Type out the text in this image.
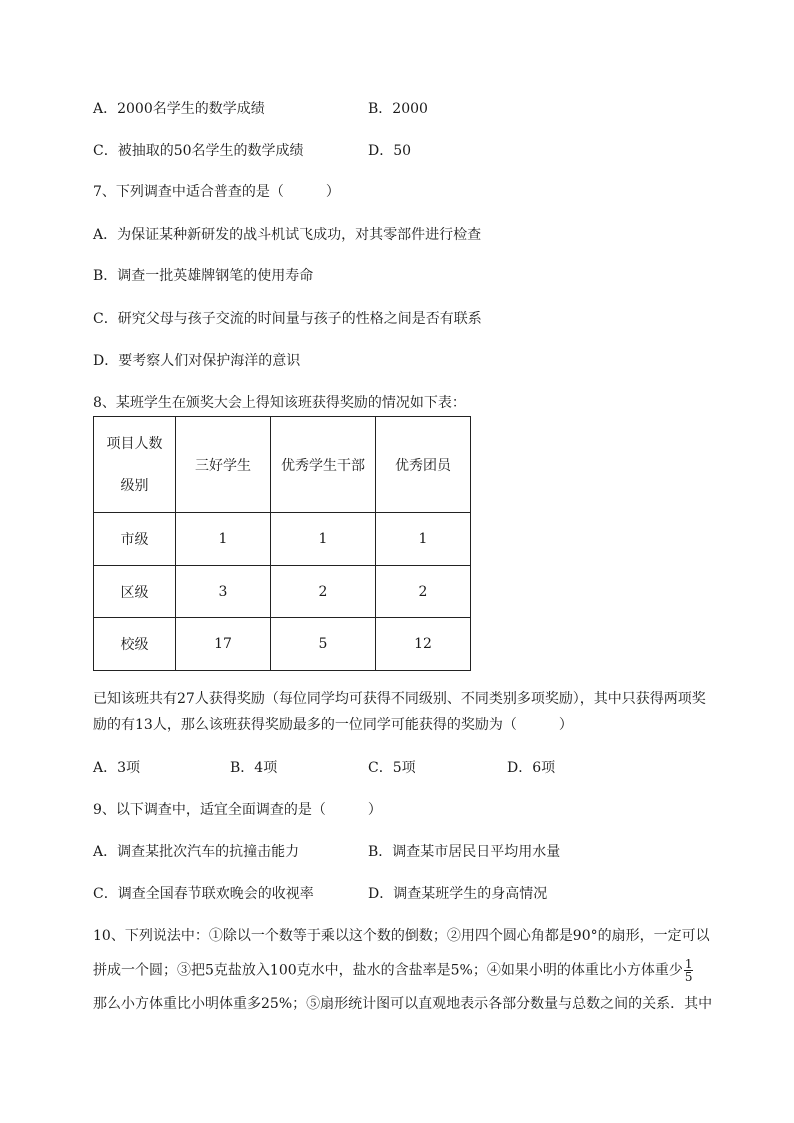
A．2000名学生的数学成绩	B．2000
C．被抽取的50名学生的数学成绩	D．50
7、下列调查中适合普查的是（　　　）
A．为保证某种新研发的战斗机试飞成功，对其零部件进行检查
B．调查一批英雄牌钢笔的使用寿命
C．研究父母与孩子交流的时间量与孩子的性格之间是否有联系
D．要考察人们对保护海洋的意识
8、某班学生在颁奖大会上得知该班获得奖励的情况如下表：
项目人数
级别	三好学生	优秀学生干部	优秀团员
市级	1	1	1
区级	3	2	2
校级	17	5	12
已知该班共有27人获得奖励（每位同学均可获得不同级别、不同类别多项奖励），其中只获得两项奖
励的有13人，那么该班获得奖励最多的一位同学可能获得的奖励为（　　　）
A．3项	B．4项	C．5项	D．6项
9、以下调查中，适宜全面调查的是（　　　）
A．调查某批次汽车的抗撞击能力	B．调查某市居民日平均用水量
C．调查全国春节联欢晚会的收视率	D．调查某班学生的身高情况
10、下列说法中：①除以一个数等于乘以这个数的倒数；②用四个圆心角都是90°的扇形，一定可以
拼成一个圆；③把5克盐放入100克水中，盐水的含盐率是5%；④如果小明的体重比小方体重少 $\frac{1}{5}$
那么小方体重比小明体重多25%；⑤扇形统计图可以直观地表示各部分数量与总数之间的关系．其中
